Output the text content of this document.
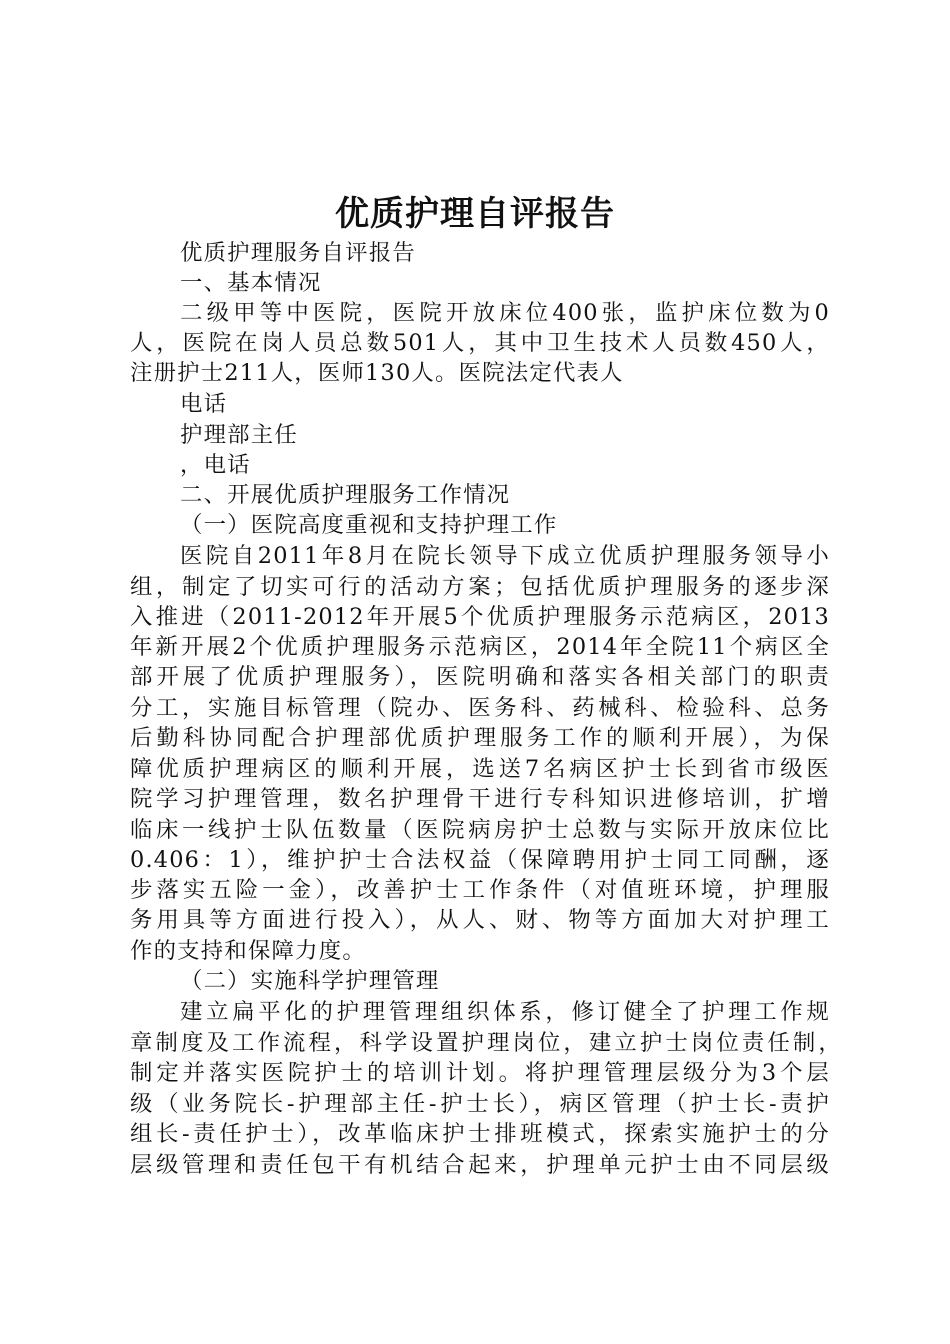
优质护理自评报告
优质护理服务自评报告
一、基本情况
二级甲等中医院，医院开放床位400张，监护床位数为0
人，医院在岗人员总数501人，其中卫生技术人员数450人，
注册护士211人，医师130人。医院法定代表人
电话
护理部主任
，电话
二、开展优质护理服务工作情况
（一）医院高度重视和支持护理工作
医院自2011年8月在院长领导下成立优质护理服务领导小
组，制定了切实可行的活动方案；包括优质护理服务的逐步深
入推进（2011-2012年开展5个优质护理服务示范病区，2013
年新开展2个优质护理服务示范病区，2014年全院11个病区全
部开展了优质护理服务），医院明确和落实各相关部门的职责
分工，实施目标管理（院办、医务科、药械科、检验科、总务
后勤科协同配合护理部优质护理服务工作的顺利开展），为保
障优质护理病区的顺利开展，选送7名病区护士长到省市级医
院学习护理管理，数名护理骨干进行专科知识进修培训，扩增
临床一线护士队伍数量（医院病房护士总数与实际开放床位比
0.406：1），维护护士合法权益（保障聘用护士同工同酬，逐
步落实五险一金），改善护士工作条件（对值班环境，护理服
务用具等方面进行投入），从人、财、物等方面加大对护理工
作的支持和保障力度。
（二）实施科学护理管理
建立扁平化的护理管理组织体系，修订健全了护理工作规
章制度及工作流程，科学设置护理岗位，建立护士岗位责任制，
制定并落实医院护士的培训计划。将护理管理层级分为3个层
级（业务院长-护理部主任-护士长），病区管理（护士长-责护
组长-责任护士），改革临床护士排班模式，探索实施护士的分
层级管理和责任包干有机结合起来，护理单元护士由不同层级
